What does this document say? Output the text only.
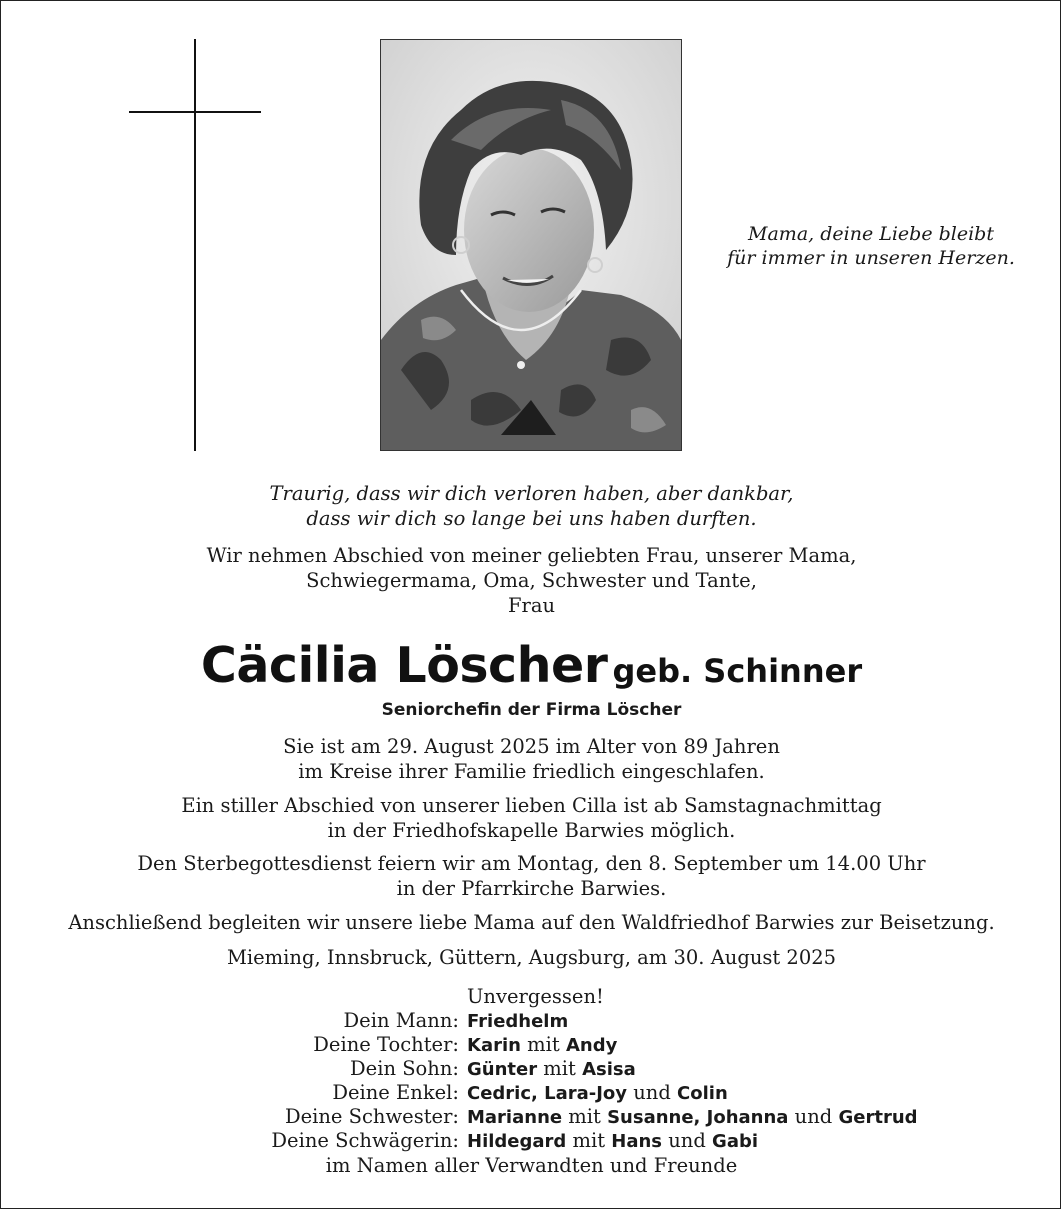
Mama, deine Liebe bleibt
für immer in unseren Herzen.
Traurig, dass wir dich verloren haben, aber dankbar,
dass wir dich so lange bei uns haben durften.
Wir nehmen Abschied von meiner geliebten Frau, unserer Mama,
Schwiegermama, Oma, Schwester und Tante,
Frau
Cäcilia Löscher geb. Schinner
Seniorchefin der Firma Löscher
Sie ist am 29. August 2025 im Alter von 89 Jahren
im Kreise ihrer Familie friedlich eingeschlafen.
Ein stiller Abschied von unserer lieben Cilla ist ab Samstagnachmittag
in der Friedhofskapelle Barwies möglich.
Den Sterbegottesdienst feiern wir am Montag, den 8. September um 14.00 Uhr
in der Pfarrkirche Barwies.
Anschließend begleiten wir unsere liebe Mama auf den Waldfriedhof Barwies zur Beisetzung.
Mieming, Innsbruck, Güttern, Augsburg, am 30. August 2025
Unvergessen!
Dein Mann: Friedhelm
Deine Tochter: Karin mit Andy
Dein Sohn: Günter mit Asisa
Deine Enkel: Cedric, Lara-Joy und Colin
Deine Schwester: Marianne mit Susanne, Johanna und Gertrud
Deine Schwägerin: Hildegard mit Hans und Gabi
im Namen aller Verwandten und Freunde
